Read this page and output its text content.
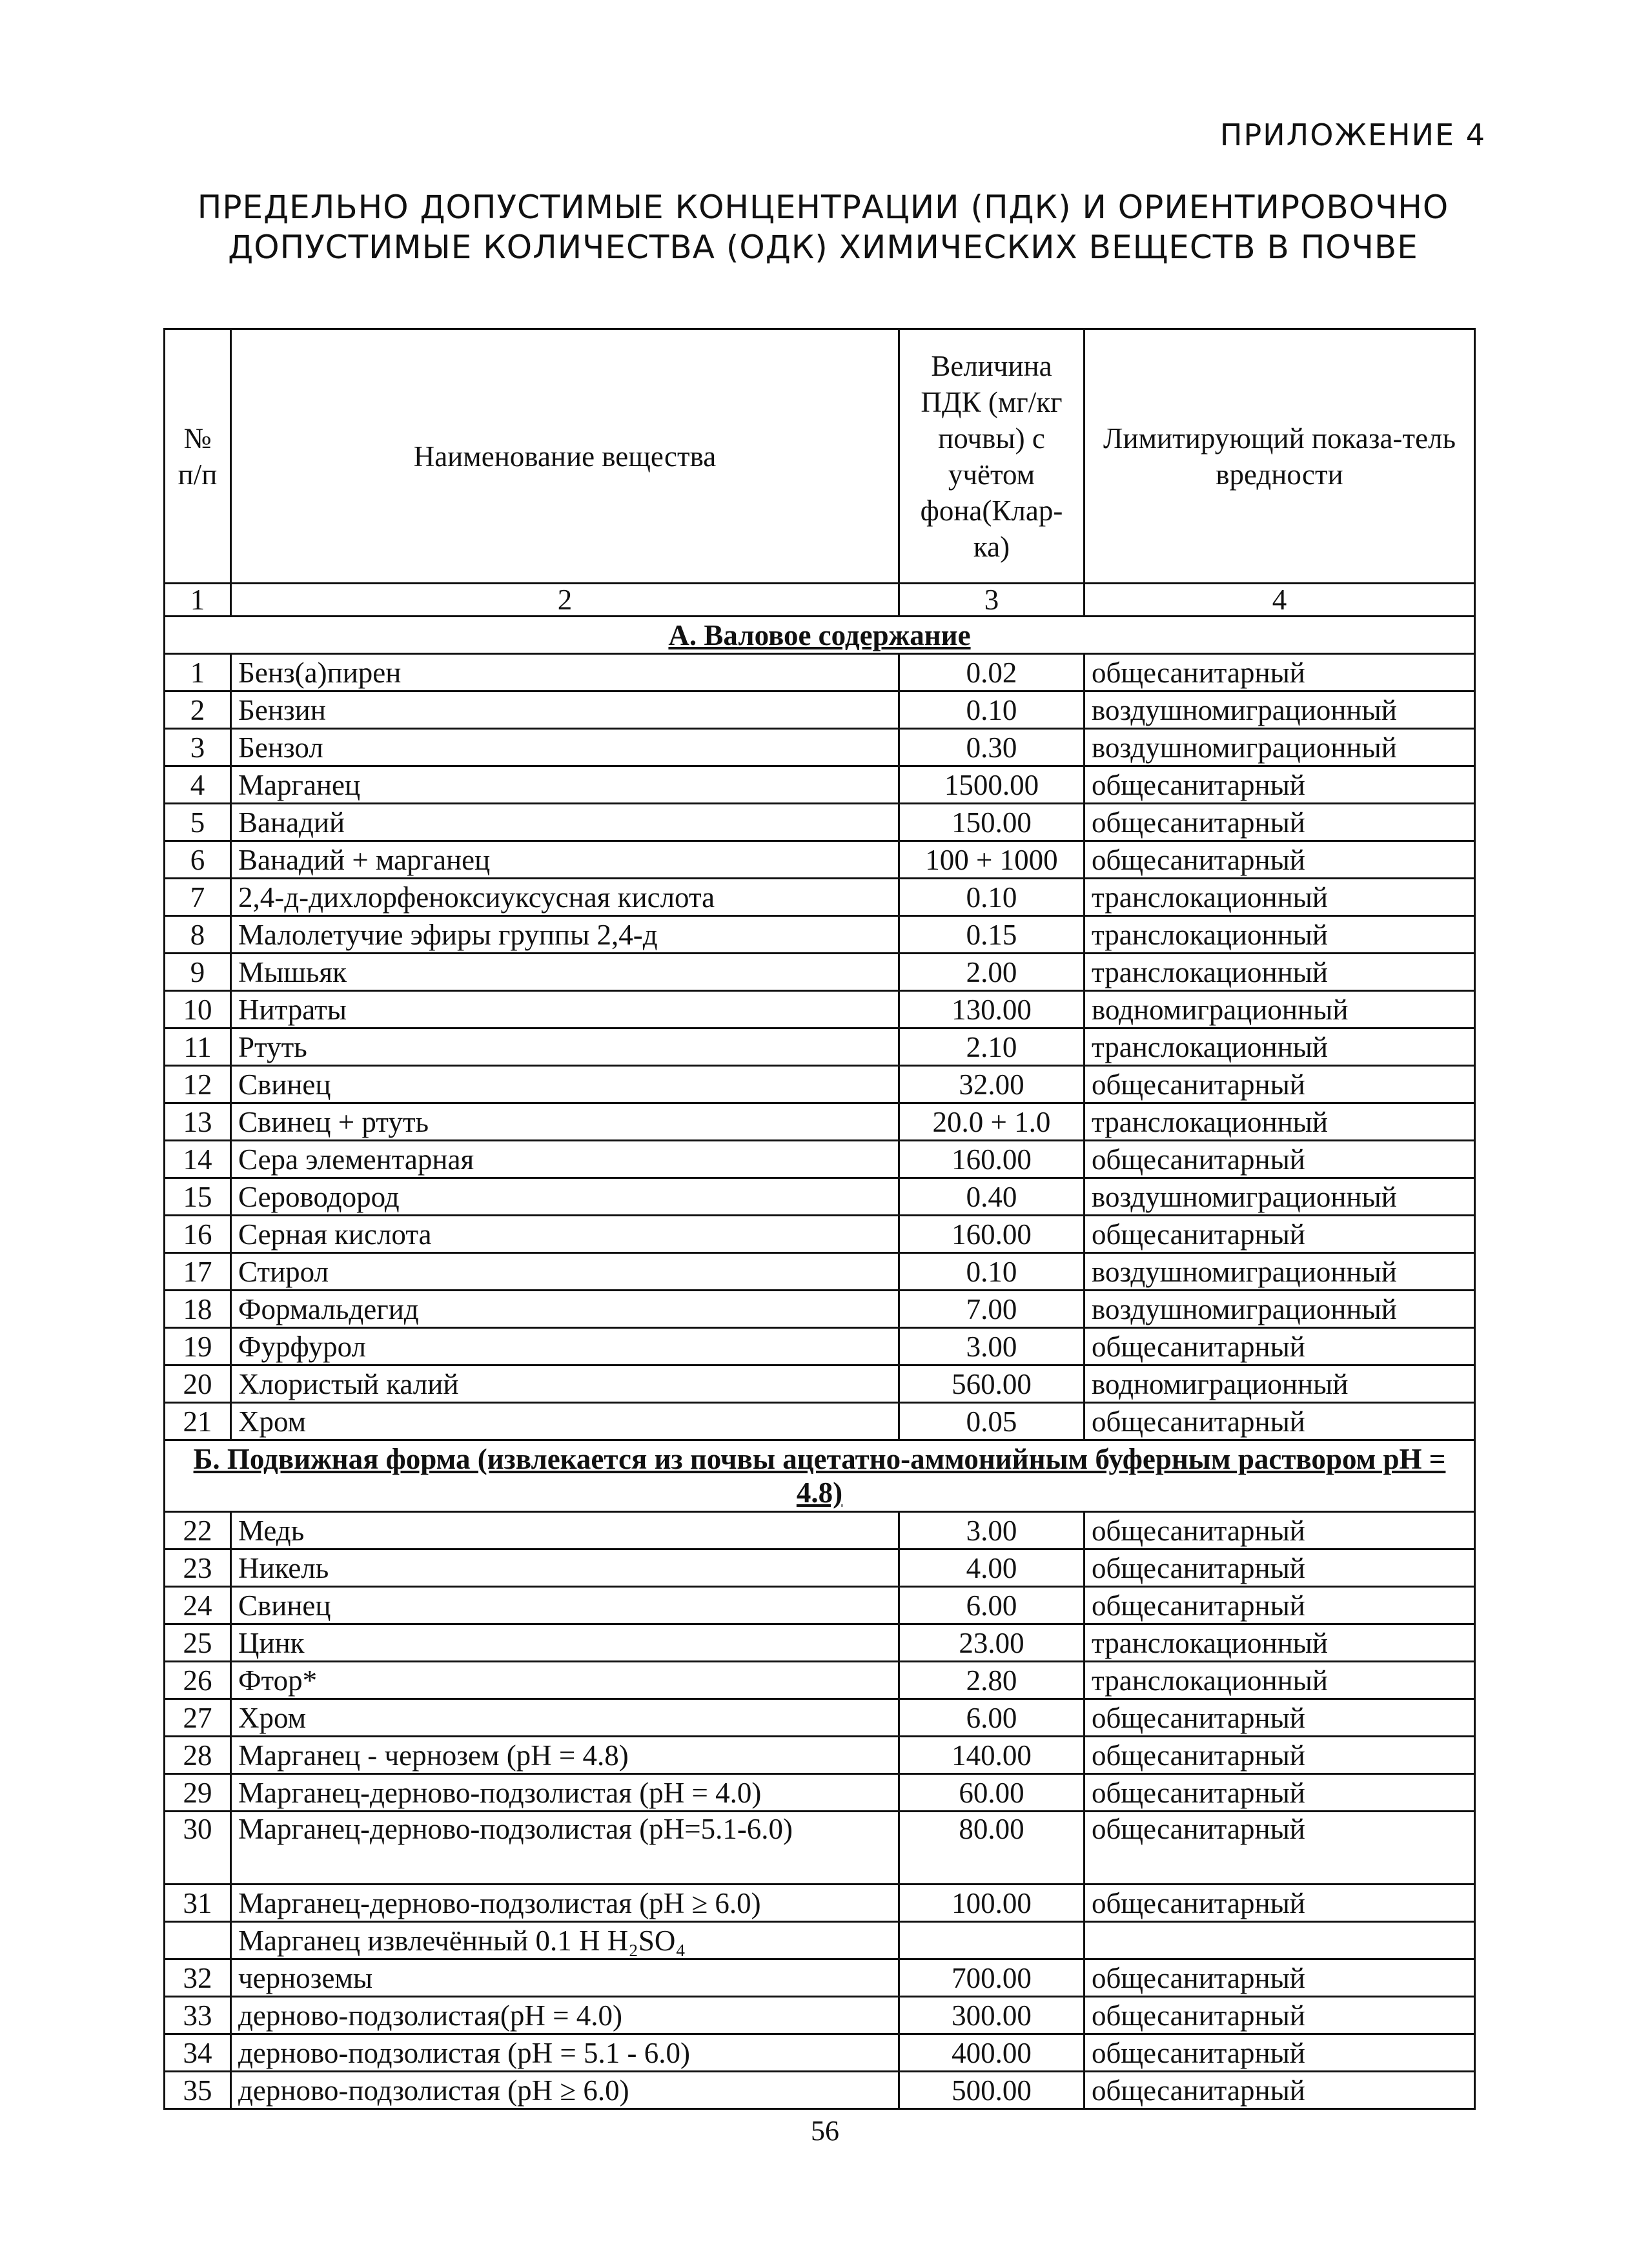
ПРИЛОЖЕНИЕ 4
ПРЕДЕЛЬНО ДОПУСТИМЫЕ КОНЦЕНТРАЦИИ (ПДК) И ОРИЕНТИРОВОЧНО
ДОПУСТИМЫЕ КОЛИЧЕСТВА (ОДК) ХИМИЧЕСКИХ ВЕЩЕСТВ В ПОЧВЕ
№ п/п	Наименование вещества	Величина ПДК (мг/кг почвы) с учётом фона(Клар-ка)	Лимитирующий показа-тель вредности
1	2	3	4
А. Валовое содержание			
1	Бенз(а)пирен	0.02	общесанитарный
2	Бензин	0.10	воздушномиграционный
3	Бензол	0.30	воздушномиграционный
4	Марганец	1500.00	общесанитарный
5	Ванадий	150.00	общесанитарный
6	Ванадий + марганец	100 + 1000	общесанитарный
7	2,4-д-дихлорфеноксиуксусная кислота	0.10	транслокационный
8	Малолетучие эфиры группы 2,4-д	0.15	транслокационный
9	Мышьяк	2.00	транслокационный
10	Нитраты	130.00	водномиграционный
11	Ртуть	2.10	транслокационный
12	Свинец	32.00	общесанитарный
13	Свинец + ртуть	20.0 + 1.0	транслокационный
14	Сера элементарная	160.00	общесанитарный
15	Сероводород	0.40	воздушномиграционный
16	Серная кислота	160.00	общесанитарный
17	Стирол	0.10	воздушномиграционный
18	Формальдегид	7.00	воздушномиграционный
19	Фурфурол	3.00	общесанитарный
20	Хлористый калий	560.00	водномиграционный
21	Хром	0.05	общесанитарный
Б. Подвижная форма (извлекается из почвы ацетатно-аммонийным буферным раствором pH = 4.8)			
22	Медь	3.00	общесанитарный
23	Никель	4.00	общесанитарный
24	Свинец	6.00	общесанитарный
25	Цинк	23.00	транслокационный
26	Фтор*	2.80	транслокационный
27	Хром	6.00	общесанитарный
28	Марганец - чернозем (pH = 4.8)	140.00	общесанитарный
29	Марганец-дерново-подзолистая (pH = 4.0)	60.00	общесанитарный
30	Марганец-дерново-подзолистая (pH=5.1-6.0)	80.00	общесанитарный
31	Марганец-дерново-подзолистая (pH ≥ 6.0)	100.00	общесанитарный
	Марганец извлечённый 0.1 Н H₂SO₄		
32	черноземы	700.00	общесанитарный
33	дерново-подзолистая(pH = 4.0)	300.00	общесанитарный
34	дерново-подзолистая (pH = 5.1 - 6.0)	400.00	общесанитарный
35	дерново-подзолистая (pH ≥ 6.0)	500.00	общесанитарный
56
